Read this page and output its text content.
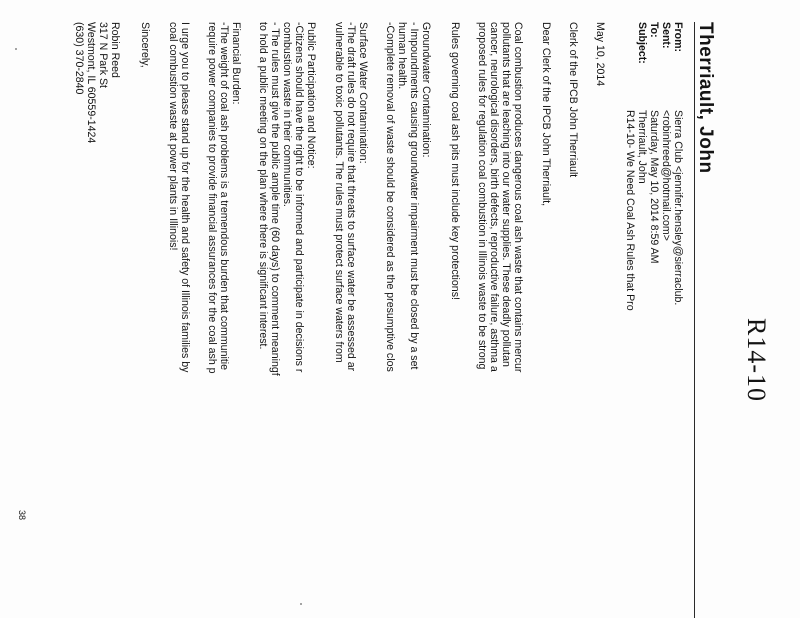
R14-10
Therriault, John
From:
Sierra Club <jennifer.hensley@sierraclub.
Sent:
<robinhreed@hotmail.com>
To:
Saturday, May 10, 2014 8:59 AM
Subject:
Therriault, John
R14-10- We Need Coal Ash Rules that Pro
May 10, 2014
Clerk of the IPCB John Therriault
Dear Clerk of the IPCB John Therriault,
Coal combustion produces dangerous coal ash waste that contains mercur
pollutants that are leaching into our water supplies. These deadly pollutan
cancer, neurological disorders, birth defects, reproductive failure, asthma a
proposed rules for regulation coal combustion in Illinois waste to be strong
Rules governing coal ash pits must include key protections!
Groundwater Contamination:
- Impoundments causing groundwater impairment must be closed by a set
human health.
-Complete removal of waste should be considered as the presumptive clos
Surface Water Contamination:
-The draft rules do not require that threats to surface water be assessed ar
vulnerable to toxic pollutants. The rules must protect surface waters from
Public Participation and Notice:
-Citizens should have the right to be informed and participate in decisions r
combustion waste in their communities.
- The rules must give the public ample time (60 days) to comment meaningf
to hold a public meeting on the plan where there is significant interest.
Financial Burden:
-The weight of coal ash problems is a tremendous burden that communitie
require power companies to provide financial assurances for the coal ash p
I urge you to please stand up for the health and safety of Illinois families by
coal combustion waste at power plants in Illinois!
Sincerely,
Robin Reed
317 N Park St
Westmont, IL 60559-1424
(630) 370-2840
38
